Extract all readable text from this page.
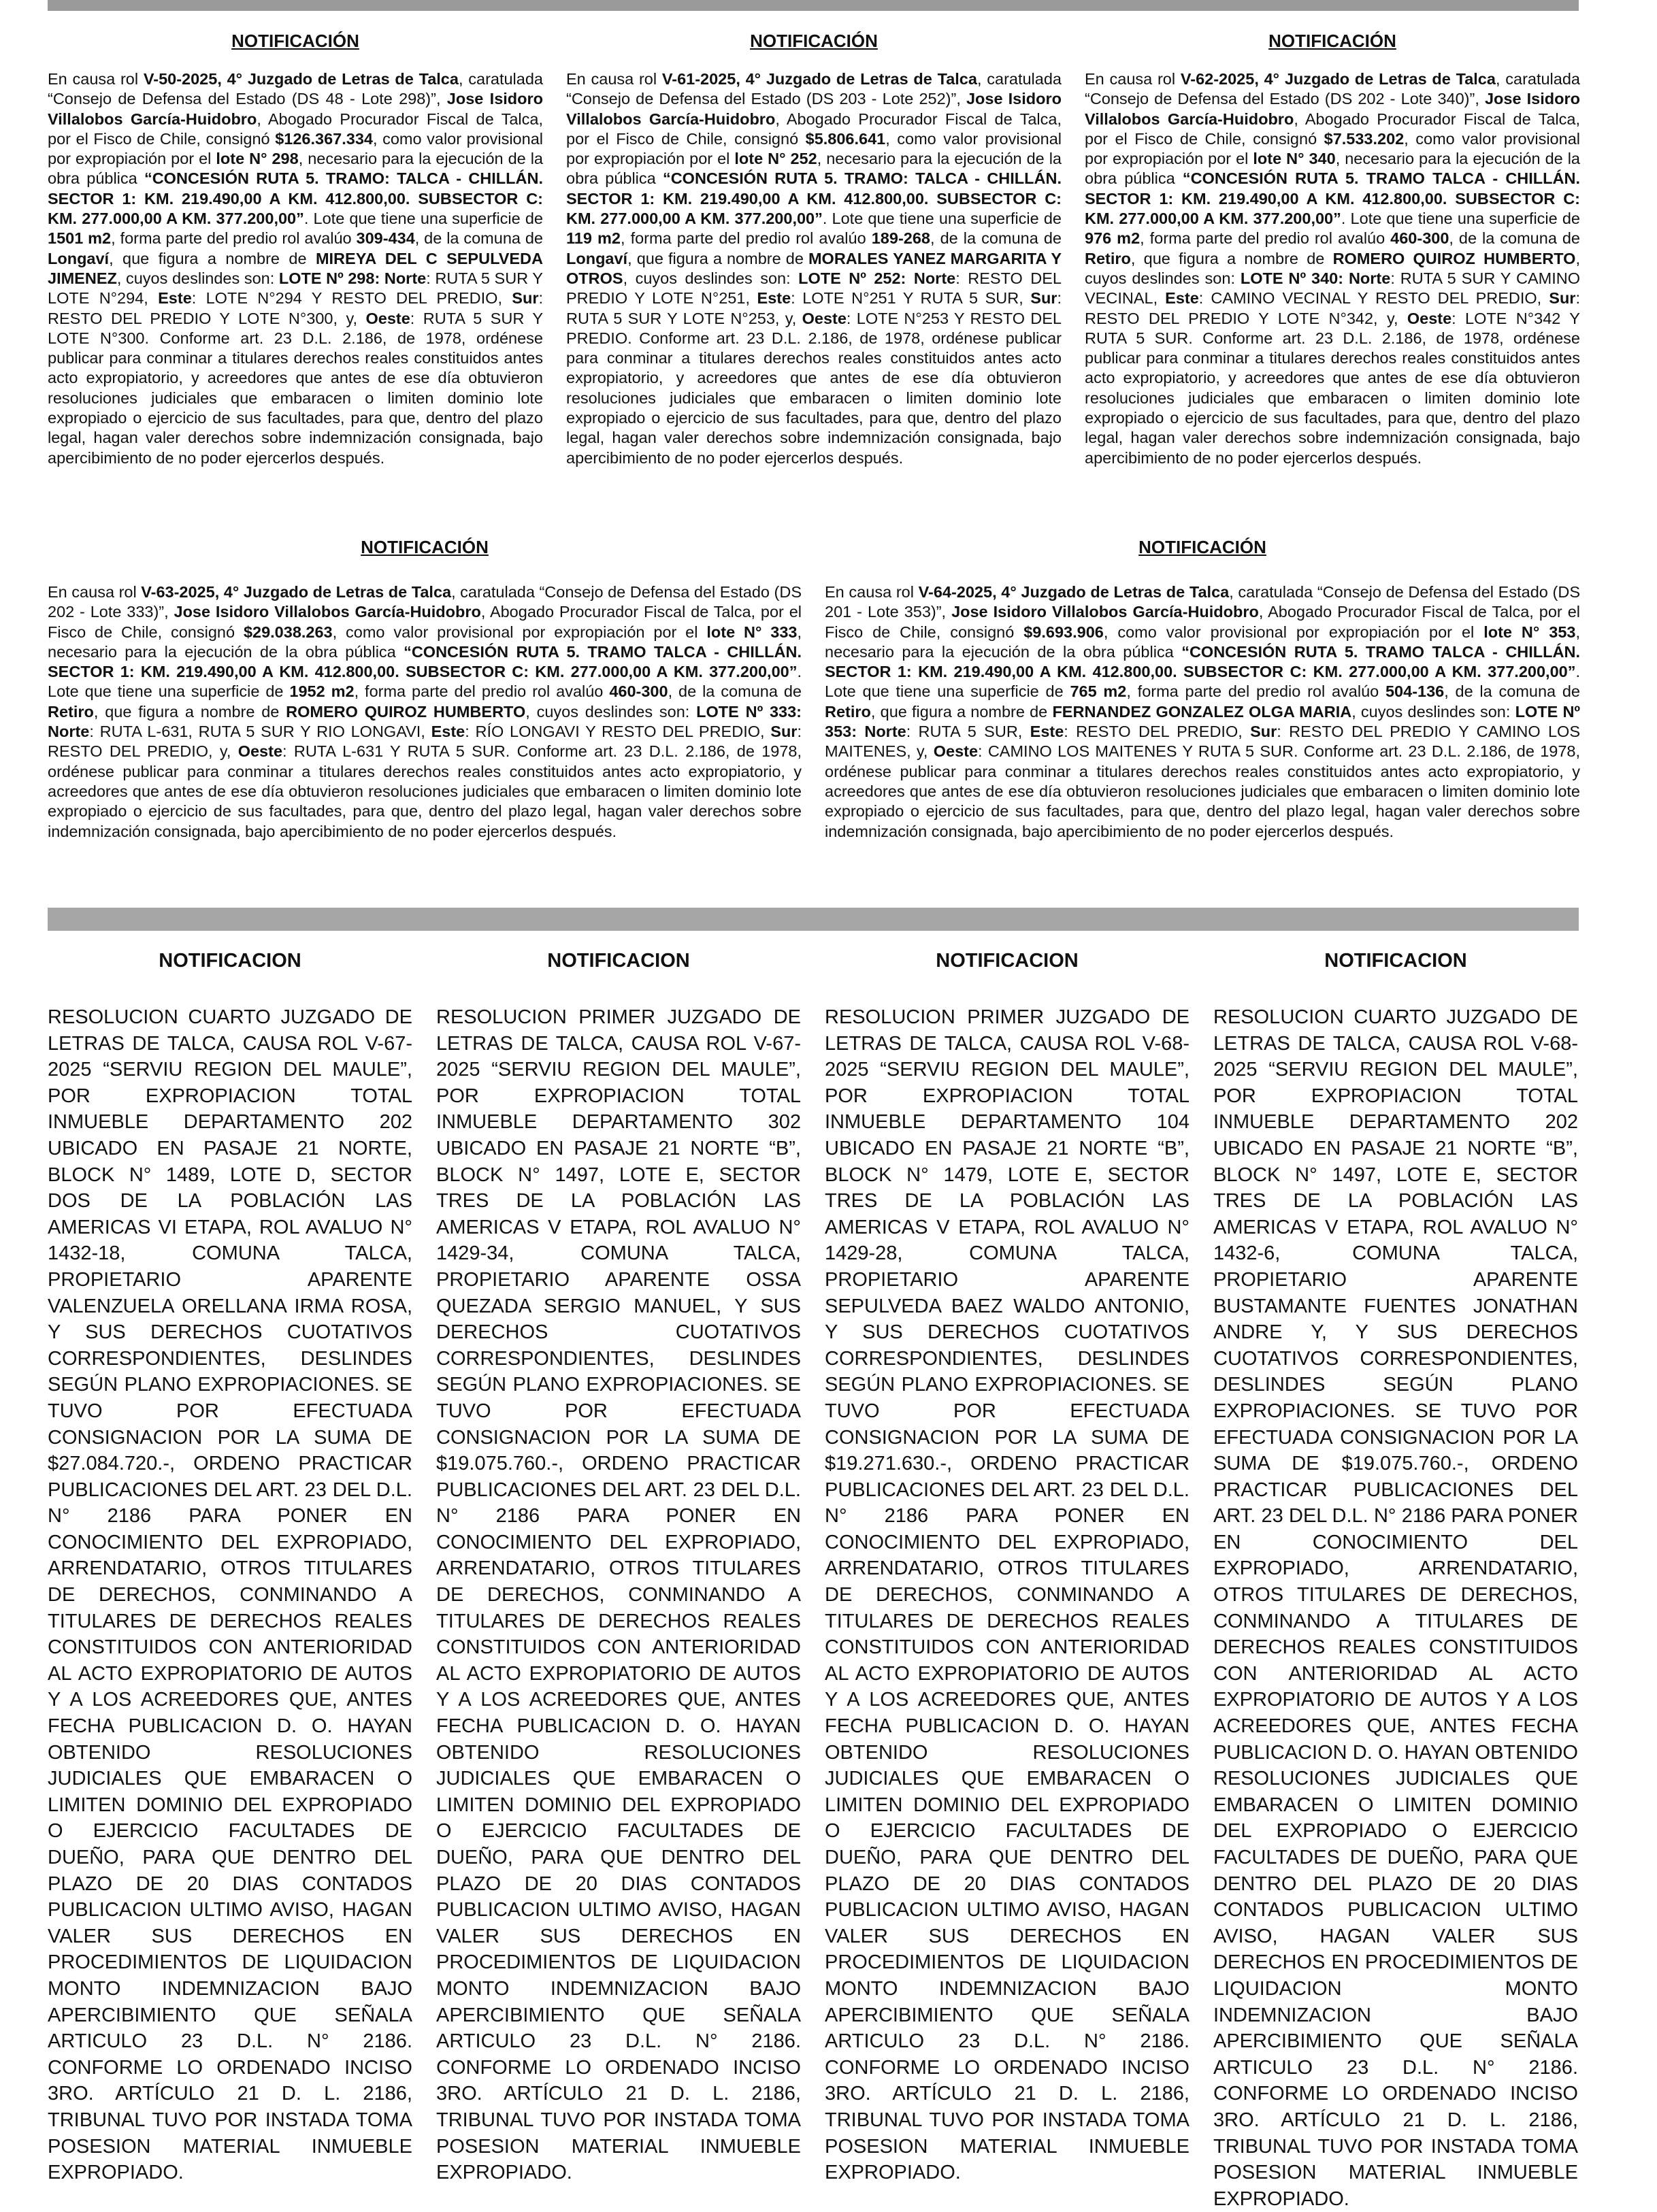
NOTIFICACIÓN

En causa rol V-50-2025, 4° Juzgado de Letras de Talca, caratulada “Consejo de Defensa del Estado (DS 48 - Lote 298)”, Jose Isidoro Villalobos García-Huidobro, Abogado Procurador Fiscal de Talca, por el Fisco de Chile, consignó $126.367.334, como valor provisional por expropiación por el lote N° 298, necesario para la ejecución de la obra pública “CONCESIÓN RUTA 5. TRAMO: TALCA - CHILLÁN. SECTOR 1: KM. 219.490,00 A KM. 412.800,00. SUBSECTOR C: KM. 277.000,00 A KM. 377.200,00”. Lote que tiene una superficie de 1501 m2, forma parte del predio rol avalúo 309-434, de la comuna de Longaví, que figura a nombre de MIREYA DEL C SEPULVEDA JIMENEZ, cuyos deslindes son: LOTE Nº 298: Norte: RUTA 5 SUR Y LOTE N°294, Este: LOTE N°294 Y RESTO DEL PREDIO, Sur: RESTO DEL PREDIO Y LOTE N°300, y, Oeste: RUTA 5 SUR Y LOTE N°300. Conforme art. 23 D.L. 2.186, de 1978, ordénese publicar para conminar a titulares derechos reales constituidos antes acto expropiatorio, y acreedores que antes de ese día obtuvieron resoluciones judiciales que embaracen o limiten dominio lote expropiado o ejercicio de sus facultades, para que, dentro del plazo legal, hagan valer derechos sobre indemnización consignada, bajo apercibimiento de no poder ejercerlos después.

NOTIFICACIÓN

En causa rol V-61-2025, 4° Juzgado de Letras de Talca, caratulada “Consejo de Defensa del Estado (DS 203 - Lote 252)”, Jose Isidoro Villalobos García-Huidobro, Abogado Procurador Fiscal de Talca, por el Fisco de Chile, consignó $5.806.641, como valor provisional por expropiación por el lote N° 252, necesario para la ejecución de la obra pública “CONCESIÓN RUTA 5. TRAMO: TALCA - CHILLÁN. SECTOR 1: KM. 219.490,00 A KM. 412.800,00. SUBSECTOR C: KM. 277.000,00 A KM. 377.200,00”. Lote que tiene una superficie de 119 m2, forma parte del predio rol avalúo 189-268, de la comuna de Longaví, que figura a nombre de MORALES YANEZ MARGARITA Y OTROS, cuyos deslindes son: LOTE Nº 252: Norte: RESTO DEL PREDIO Y LOTE N°251, Este: LOTE N°251 Y RUTA 5 SUR, Sur: RUTA 5 SUR Y LOTE N°253, y, Oeste: LOTE N°253 Y RESTO DEL PREDIO. Conforme art. 23 D.L. 2.186, de 1978, ordénese publicar para conminar a titulares derechos reales constituidos antes acto expropiatorio, y acreedores que antes de ese día obtuvieron resoluciones judiciales que embaracen o limiten dominio lote expropiado o ejercicio de sus facultades, para que, dentro del plazo legal, hagan valer derechos sobre indemnización consignada, bajo apercibimiento de no poder ejercerlos después.

NOTIFICACIÓN

En causa rol V-62-2025, 4° Juzgado de Letras de Talca, caratulada “Consejo de Defensa del Estado (DS 202 - Lote 340)”, Jose Isidoro Villalobos García-Huidobro, Abogado Procurador Fiscal de Talca, por el Fisco de Chile, consignó $7.533.202, como valor provisional por expropiación por el lote N° 340, necesario para la ejecución de la obra pública “CONCESIÓN RUTA 5. TRAMO TALCA - CHILLÁN. SECTOR 1: KM. 219.490,00 A KM. 412.800,00. SUBSECTOR C: KM. 277.000,00 A KM. 377.200,00”. Lote que tiene una superficie de 976 m2, forma parte del predio rol avalúo 460-300, de la comuna de Retiro, que figura a nombre de ROMERO QUIROZ HUMBERTO, cuyos deslindes son: LOTE Nº 340: Norte: RUTA 5 SUR Y CAMINO VECINAL, Este: CAMINO VECINAL Y RESTO DEL PREDIO, Sur: RESTO DEL PREDIO Y LOTE N°342, y, Oeste: LOTE N°342 Y RUTA 5 SUR. Conforme art. 23 D.L. 2.186, de 1978, ordénese publicar para conminar a titulares derechos reales constituidos antes acto expropiatorio, y acreedores que antes de ese día obtuvieron resoluciones judiciales que embaracen o limiten dominio lote expropiado o ejercicio de sus facultades, para que, dentro del plazo legal, hagan valer derechos sobre indemnización consignada, bajo apercibimiento de no poder ejercerlos después.

NOTIFICACIÓN

En causa rol V-63-2025, 4° Juzgado de Letras de Talca, caratulada “Consejo de Defensa del Estado (DS 202 - Lote 333)”, Jose Isidoro Villalobos García-Huidobro, Abogado Procurador Fiscal de Talca, por el Fisco de Chile, consignó $29.038.263, como valor provisional por expropiación por el lote N° 333, necesario para la ejecución de la obra pública “CONCESIÓN RUTA 5. TRAMO TALCA - CHILLÁN. SECTOR 1: KM. 219.490,00 A KM. 412.800,00. SUBSECTOR C: KM. 277.000,00 A KM. 377.200,00”. Lote que tiene una superficie de 1952 m2, forma parte del predio rol avalúo 460-300, de la comuna de Retiro, que figura a nombre de ROMERO QUIROZ HUMBERTO, cuyos deslindes son: LOTE Nº 333: Norte: RUTA L-631, RUTA 5 SUR Y RIO LONGAVI, Este: RÍO LONGAVI Y RESTO DEL PREDIO, Sur: RESTO DEL PREDIO, y, Oeste: RUTA L-631 Y RUTA 5 SUR. Conforme art. 23 D.L. 2.186, de 1978, ordénese publicar para conminar a titulares derechos reales constituidos antes acto expropiatorio, y acreedores que antes de ese día obtuvieron resoluciones judiciales que embaracen o limiten dominio lote expropiado o ejercicio de sus facultades, para que, dentro del plazo legal, hagan valer derechos sobre indemnización consignada, bajo apercibimiento de no poder ejercerlos después.

NOTIFICACIÓN

En causa rol V-64-2025, 4° Juzgado de Letras de Talca, caratulada “Consejo de Defensa del Estado (DS 201 - Lote 353)”, Jose Isidoro Villalobos García-Huidobro, Abogado Procurador Fiscal de Talca, por el Fisco de Chile, consignó $9.693.906, como valor provisional por expropiación por el lote N° 353, necesario para la ejecución de la obra pública “CONCESIÓN RUTA 5. TRAMO TALCA - CHILLÁN. SECTOR 1: KM. 219.490,00 A KM. 412.800,00. SUBSECTOR C: KM. 277.000,00 A KM. 377.200,00”. Lote que tiene una superficie de 765 m2, forma parte del predio rol avalúo 504-136, de la comuna de Retiro, que figura a nombre de FERNANDEZ GONZALEZ OLGA MARIA, cuyos deslindes son: LOTE Nº 353: Norte: RUTA 5 SUR, Este: RESTO DEL PREDIO, Sur: RESTO DEL PREDIO Y CAMINO LOS MAITENES, y, Oeste: CAMINO LOS MAITENES Y RUTA 5 SUR. Conforme art. 23 D.L. 2.186, de 1978, ordénese publicar para conminar a titulares derechos reales constituidos antes acto expropiatorio, y acreedores que antes de ese día obtuvieron resoluciones judiciales que embaracen o limiten dominio lote expropiado o ejercicio de sus facultades, para que, dentro del plazo legal, hagan valer derechos sobre indemnización consignada, bajo apercibimiento de no poder ejercerlos después.

NOTIFICACION

RESOLUCION CUARTO JUZGADO DE LETRAS DE TALCA, CAUSA ROL V-67-2025 “SERVIU REGION DEL MAULE”, POR EXPROPIACION TOTAL INMUEBLE DEPARTAMENTO 202 UBICADO EN PASAJE 21 NORTE, BLOCK N° 1489, LOTE D, SECTOR DOS DE LA POBLACIÓN LAS AMERICAS VI ETAPA, ROL AVALUO N° 1432-18, COMUNA TALCA, PROPIETARIO APARENTE VALENZUELA ORELLANA IRMA ROSA, Y SUS DERECHOS CUOTATIVOS CORRESPONDIENTES, DESLINDES SEGÚN PLANO EXPROPIACIONES. SE TUVO POR EFECTUADA CONSIGNACION POR LA SUMA DE $27.084.720.-, ORDENO PRACTICAR PUBLICACIONES DEL ART. 23 DEL D.L. N° 2186 PARA PONER EN CONOCIMIENTO DEL EXPROPIADO, ARRENDATARIO, OTROS TITULARES DE DERECHOS, CONMINANDO A TITULARES DE DERECHOS REALES CONSTITUIDOS CON ANTERIORIDAD AL ACTO EXPROPIATORIO DE AUTOS Y A LOS ACREEDORES QUE, ANTES FECHA PUBLICACION D. O. HAYAN OBTENIDO RESOLUCIONES JUDICIALES QUE EMBARACEN O LIMITEN DOMINIO DEL EXPROPIADO O EJERCICIO FACULTADES DE DUEÑO, PARA QUE DENTRO DEL PLAZO DE 20 DIAS CONTADOS PUBLICACION ULTIMO AVISO, HAGAN VALER SUS DERECHOS EN PROCEDIMIENTOS DE LIQUIDACION MONTO INDEMNIZACION BAJO APERCIBIMIENTO QUE SEÑALA ARTICULO 23 D.L. N° 2186. CONFORME LO ORDENADO INCISO 3RO. ARTÍCULO 21 D. L. 2186, TRIBUNAL TUVO POR INSTADA TOMA POSESION MATERIAL INMUEBLE EXPROPIADO.

NOTIFICACION

RESOLUCION PRIMER JUZGADO DE LETRAS DE TALCA, CAUSA ROL V-67-2025 “SERVIU REGION DEL MAULE”, POR EXPROPIACION TOTAL INMUEBLE DEPARTAMENTO 302 UBICADO EN PASAJE 21 NORTE “B”, BLOCK N° 1497, LOTE E, SECTOR TRES DE LA POBLACIÓN LAS AMERICAS V ETAPA, ROL AVALUO N° 1429-34, COMUNA TALCA, PROPIETARIO APARENTE OSSA QUEZADA SERGIO MANUEL, Y SUS DERECHOS CUOTATIVOS CORRESPONDIENTES, DESLINDES SEGÚN PLANO EXPROPIACIONES. SE TUVO POR EFECTUADA CONSIGNACION POR LA SUMA DE $19.075.760.-, ORDENO PRACTICAR PUBLICACIONES DEL ART. 23 DEL D.L. N° 2186 PARA PONER EN CONOCIMIENTO DEL EXPROPIADO, ARRENDATARIO, OTROS TITULARES DE DERECHOS, CONMINANDO A TITULARES DE DERECHOS REALES CONSTITUIDOS CON ANTERIORIDAD AL ACTO EXPROPIATORIO DE AUTOS Y A LOS ACREEDORES QUE, ANTES FECHA PUBLICACION D. O. HAYAN OBTENIDO RESOLUCIONES JUDICIALES QUE EMBARACEN O LIMITEN DOMINIO DEL EXPROPIADO O EJERCICIO FACULTADES DE DUEÑO, PARA QUE DENTRO DEL PLAZO DE 20 DIAS CONTADOS PUBLICACION ULTIMO AVISO, HAGAN VALER SUS DERECHOS EN PROCEDIMIENTOS DE LIQUIDACION MONTO INDEMNIZACION BAJO APERCIBIMIENTO QUE SEÑALA ARTICULO 23 D.L. N° 2186. CONFORME LO ORDENADO INCISO 3RO. ARTÍCULO 21 D. L. 2186, TRIBUNAL TUVO POR INSTADA TOMA POSESION MATERIAL INMUEBLE EXPROPIADO.

NOTIFICACION

RESOLUCION PRIMER JUZGADO DE LETRAS DE TALCA, CAUSA ROL V-68-2025 “SERVIU REGION DEL MAULE”, POR EXPROPIACION TOTAL INMUEBLE DEPARTAMENTO 104 UBICADO EN PASAJE 21 NORTE “B”, BLOCK N° 1479, LOTE E, SECTOR TRES DE LA POBLACIÓN LAS AMERICAS V ETAPA, ROL AVALUO N° 1429-28, COMUNA TALCA, PROPIETARIO APARENTE SEPULVEDA BAEZ WALDO ANTONIO, Y SUS DERECHOS CUOTATIVOS CORRESPONDIENTES, DESLINDES SEGÚN PLANO EXPROPIACIONES. SE TUVO POR EFECTUADA CONSIGNACION POR LA SUMA DE $19.271.630.-, ORDENO PRACTICAR PUBLICACIONES DEL ART. 23 DEL D.L. N° 2186 PARA PONER EN CONOCIMIENTO DEL EXPROPIADO, ARRENDATARIO, OTROS TITULARES DE DERECHOS, CONMINANDO A TITULARES DE DERECHOS REALES CONSTITUIDOS CON ANTERIORIDAD AL ACTO EXPROPIATORIO DE AUTOS Y A LOS ACREEDORES QUE, ANTES FECHA PUBLICACION D. O. HAYAN OBTENIDO RESOLUCIONES JUDICIALES QUE EMBARACEN O LIMITEN DOMINIO DEL EXPROPIADO O EJERCICIO FACULTADES DE DUEÑO, PARA QUE DENTRO DEL PLAZO DE 20 DIAS CONTADOS PUBLICACION ULTIMO AVISO, HAGAN VALER SUS DERECHOS EN PROCEDIMIENTOS DE LIQUIDACION MONTO INDEMNIZACION BAJO APERCIBIMIENTO QUE SEÑALA ARTICULO 23 D.L. N° 2186. CONFORME LO ORDENADO INCISO 3RO. ARTÍCULO 21 D. L. 2186, TRIBUNAL TUVO POR INSTADA TOMA POSESION MATERIAL INMUEBLE EXPROPIADO.

NOTIFICACION

RESOLUCION CUARTO JUZGADO DE LETRAS DE TALCA, CAUSA ROL V-68-2025 “SERVIU REGION DEL MAULE”, POR EXPROPIACION TOTAL INMUEBLE DEPARTAMENTO 202 UBICADO EN PASAJE 21 NORTE “B”, BLOCK N° 1497, LOTE E, SECTOR TRES DE LA POBLACIÓN LAS AMERICAS V ETAPA, ROL AVALUO N° 1432-6, COMUNA TALCA, PROPIETARIO APARENTE BUSTAMANTE FUENTES JONATHAN ANDRE Y, Y SUS DERECHOS CUOTATIVOS CORRESPONDIENTES, DESLINDES SEGÚN PLANO EXPROPIACIONES. SE TUVO POR EFECTUADA CONSIGNACION POR LA SUMA DE $19.075.760.-, ORDENO PRACTICAR PUBLICACIONES DEL ART. 23 DEL D.L. N° 2186 PARA PONER EN CONOCIMIENTO DEL EXPROPIADO, ARRENDATARIO, OTROS TITULARES DE DERECHOS, CONMINANDO A TITULARES DE DERECHOS REALES CONSTITUIDOS CON ANTERIORIDAD AL ACTO EXPROPIATORIO DE AUTOS Y A LOS ACREEDORES QUE, ANTES FECHA PUBLICACION D. O. HAYAN OBTENIDO RESOLUCIONES JUDICIALES QUE EMBARACEN O LIMITEN DOMINIO DEL EXPROPIADO O EJERCICIO FACULTADES DE DUEÑO, PARA QUE DENTRO DEL PLAZO DE 20 DIAS CONTADOS PUBLICACION ULTIMO AVISO, HAGAN VALER SUS DERECHOS EN PROCEDIMIENTOS DE LIQUIDACION MONTO INDEMNIZACION BAJO APERCIBIMIENTO QUE SEÑALA ARTICULO 23 D.L. N° 2186. CONFORME LO ORDENADO INCISO 3RO. ARTÍCULO 21 D. L. 2186, TRIBUNAL TUVO POR INSTADA TOMA POSESION MATERIAL INMUEBLE EXPROPIADO.
